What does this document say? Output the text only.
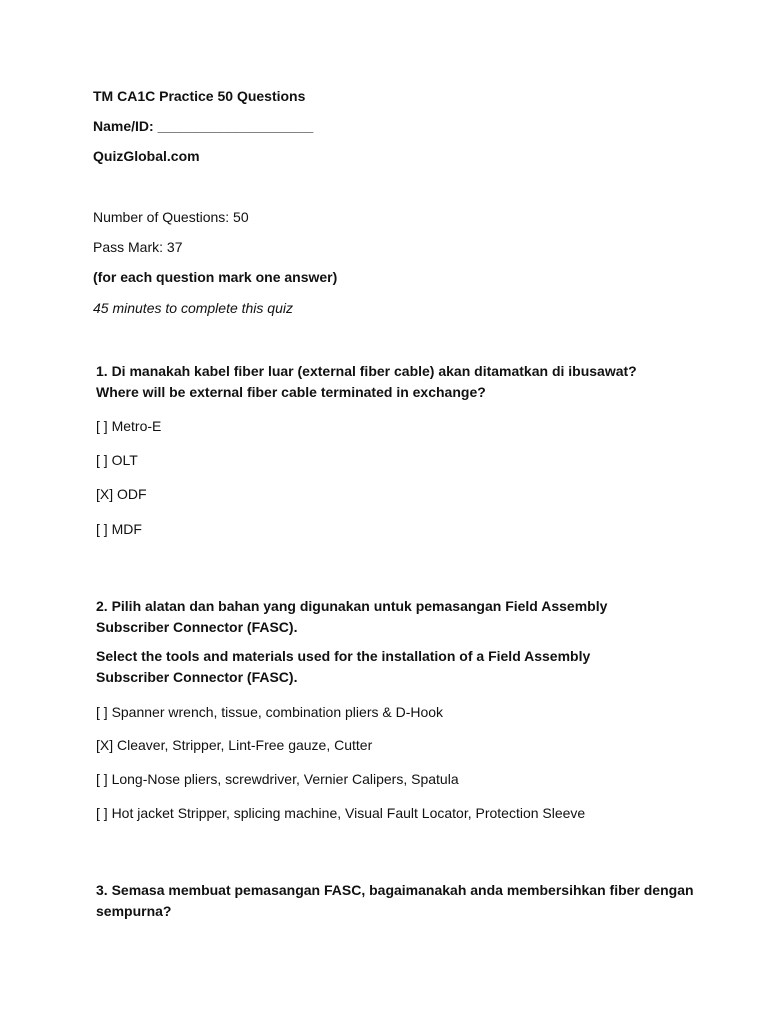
TM CA1C Practice 50 Questions
Name/ID: ____________________
QuizGlobal.com
Number of Questions: 50
Pass Mark: 37
(for each question mark one answer)
45 minutes to complete this quiz
1. Di manakah kabel fiber luar (external fiber cable) akan ditamatkan di ibusawat?
Where will be external fiber cable terminated in exchange?
[ ] Metro-E
[ ] OLT
[X] ODF
[ ] MDF
2. Pilih alatan dan bahan yang digunakan untuk pemasangan Field Assembly Subscriber Connector (FASC).
Select the tools and materials used for the installation of a Field Assembly Subscriber Connector (FASC).
[ ] Spanner wrench, tissue, combination pliers & D-Hook
[X] Cleaver, Stripper, Lint-Free gauze, Cutter
[ ] Long-Nose pliers, screwdriver, Vernier Calipers, Spatula
[ ] Hot jacket Stripper, splicing machine, Visual Fault Locator, Protection Sleeve
3. Semasa membuat pemasangan FASC, bagaimanakah anda membersihkan fiber dengan sempurna?
